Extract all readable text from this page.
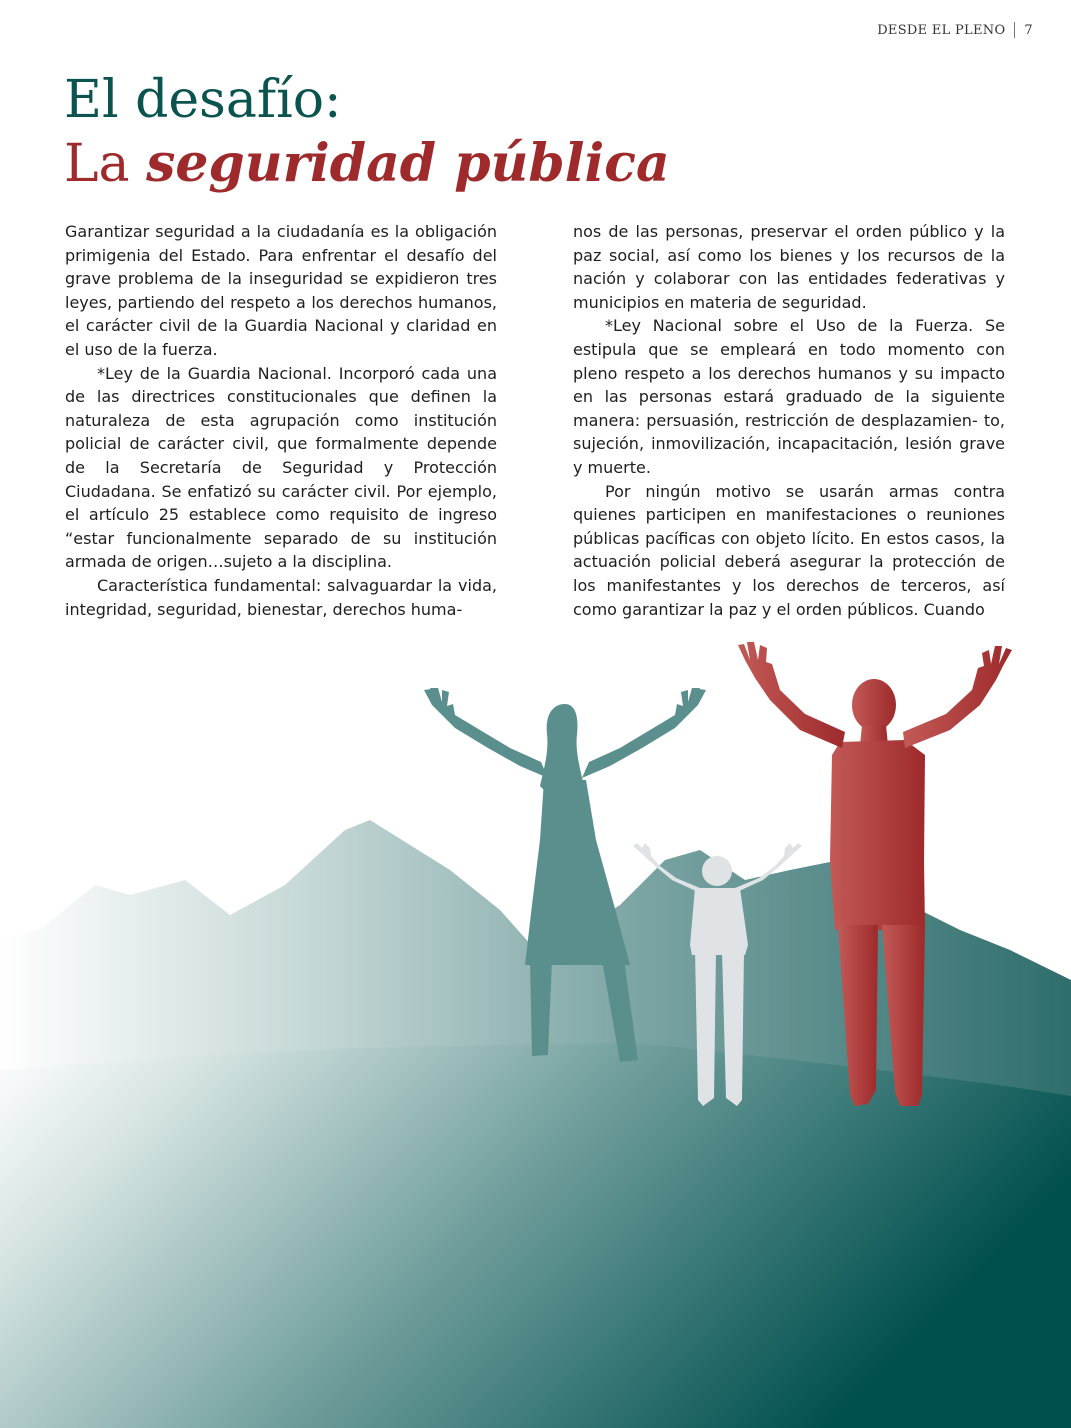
DESDE EL PLENO 7
El desafío:
La seguridad pública

Garantizar seguridad a la ciudadanía es la obligación primigenia del Estado. Para enfrentar el desafío del grave problema de la inseguridad se expidieron tres leyes, partiendo del respeto a los derechos humanos, el carácter civil de la Guardia Nacional y claridad en el uso de la fuerza.

*Ley de la Guardia Nacional. Incorporó cada una de las directrices constitucionales que definen la naturaleza de esta agrupación como institución policial de carácter civil, que formalmente depende de la Secretaría de Seguridad y Protección Ciudadana. Se enfatizó su carácter civil. Por ejemplo, el artículo 25 establece como requisito de ingreso “estar funcionalmente separado de su institución armada de origen…sujeto a la disciplina.

Característica fundamental: salvaguardar la vida, integridad, seguridad, bienestar, derechos huma-

nos de las personas, preservar el orden público y la paz social, así como los bienes y los recursos de la nación y colaborar con las entidades federativas y municipios en materia de seguridad.

*Ley Nacional sobre el Uso de la Fuerza. Se estipula que se empleará en todo momento con pleno respeto a los derechos humanos y su impacto en las personas estará graduado de la siguiente manera: persuasión, restricción de desplazamien- to, sujeción, inmovilización, incapacitación, lesión grave y muerte.

Por ningún motivo se usarán armas contra quienes participen en manifestaciones o reuniones públicas pacíficas con objeto lícito. En estos casos, la actuación policial deberá asegurar la protección de los manifestantes y los derechos de terceros, así como garantizar la paz y el orden públicos. Cuando
